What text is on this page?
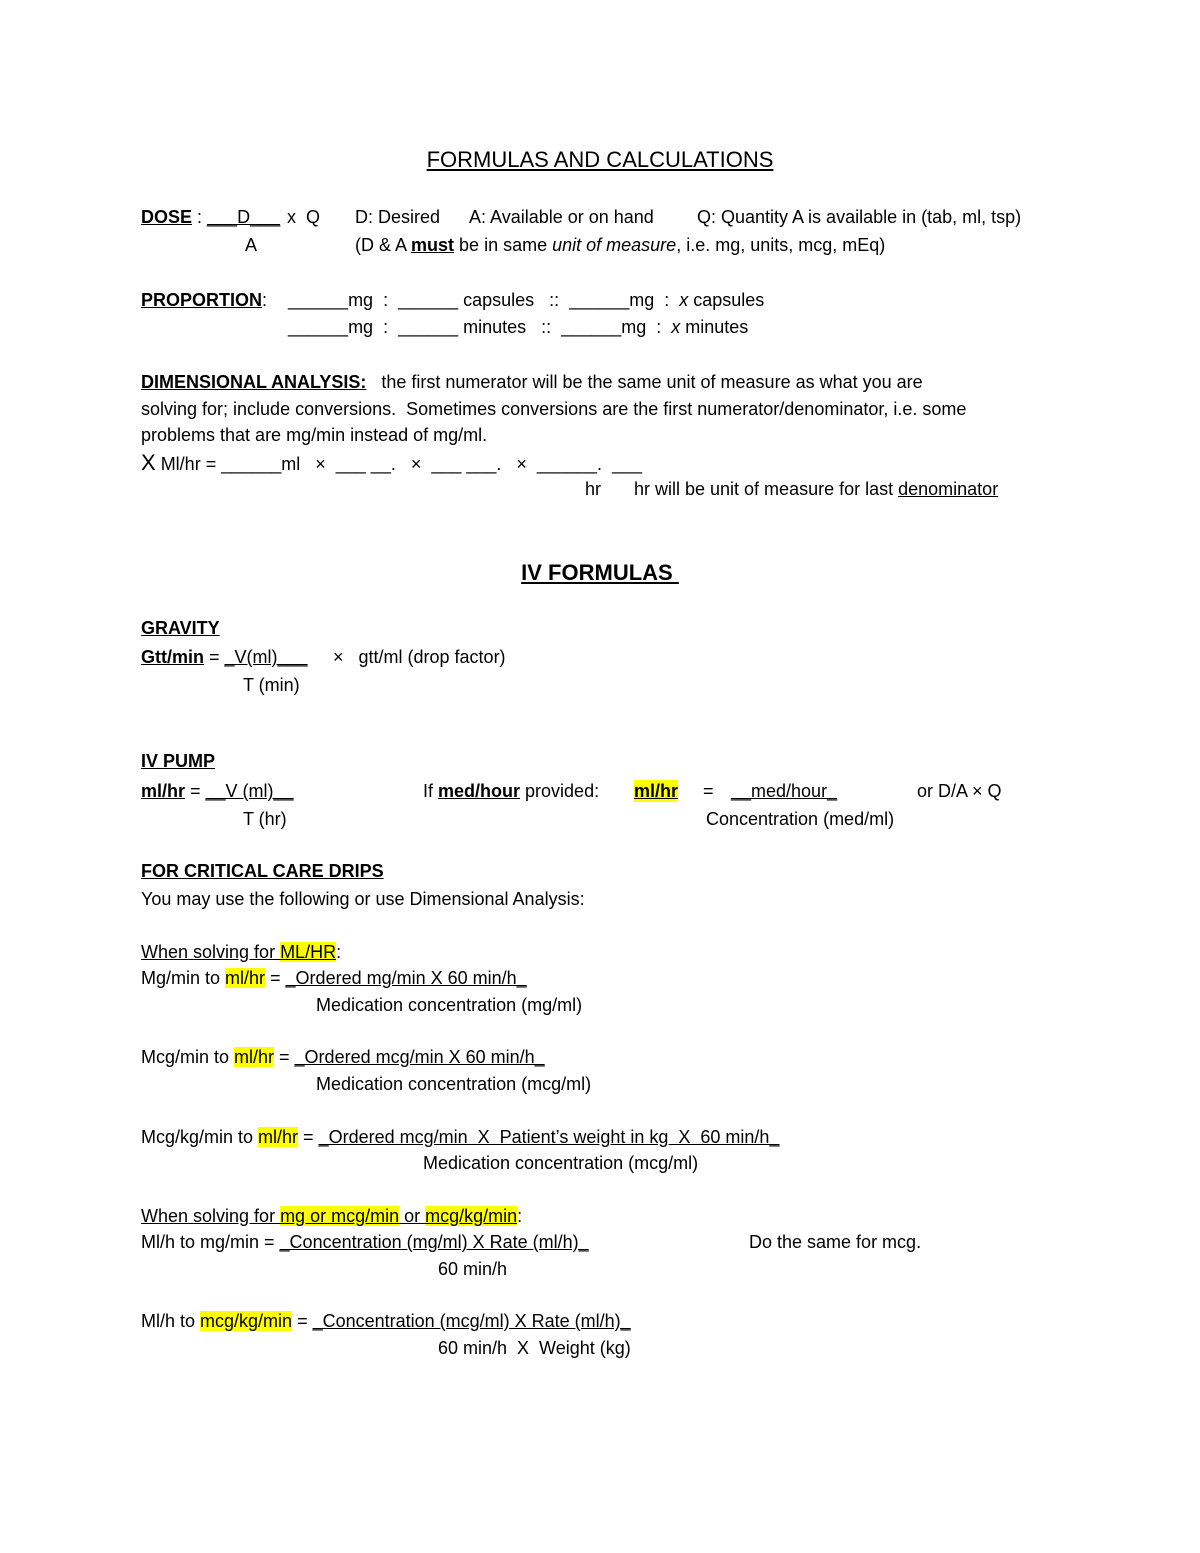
FORMULAS AND CALCULATIONS
DOSE : ___D___ x  Q D: Desired A: Available or on hand Q: Quantity A is available in (tab, ml, tsp)
A	(D & A must be in same unit of measure, i.e. mg, units, mcg, mEq)
PROPORTION: ______mg  :  ______ capsules   ::  ______mg  :  x capsules
______mg  :  ______ minutes   ::  ______mg  :  x minutes
DIMENSIONAL ANALYSIS: the first numerator will be the same unit of measure as what you are
solving for; include conversions.  Sometimes conversions are the first numerator/denominator, i.e. some
problems that are mg/min instead of mg/ml.
X Ml/hr = ______ml   ×  ___ __.   ×  ___ ___.   ×  ______.  ___
hr hr will be unit of measure for last denominator
IV FORMULAS
GRAVITY
Gtt/min = _V(ml)___ ×   gtt/ml (drop factor)
T (min)
IV PUMP
ml/hr = __V (ml)__
T (hr)
If med/hour provided: ml/hr = __med/hour_	or D/A × Q
Concentration (med/ml)
FOR CRITICAL CARE DRIPS
You may use the following or use Dimensional Analysis:
When solving for ML/HR:
Mg/min to ml/hr = _Ordered mg/min X 60 min/h_
Medication concentration (mg/ml)
Mcg/min to ml/hr = _Ordered mcg/min X 60 min/h_
Medication concentration (mcg/ml)
Mcg/kg/min to ml/hr = _Ordered mcg/min  X  Patient’s weight in kg  X  60 min/h_
Medication concentration (mcg/ml)
When solving for mg or mcg/min or mcg/kg/min:
Ml/h to mg/min = _Concentration (mg/ml) X Rate (ml/h)_	Do the same for mcg.
60 min/h
Ml/h to mcg/kg/min = _Concentration (mcg/ml) X Rate (ml/h)_
60 min/h  X  Weight (kg)
